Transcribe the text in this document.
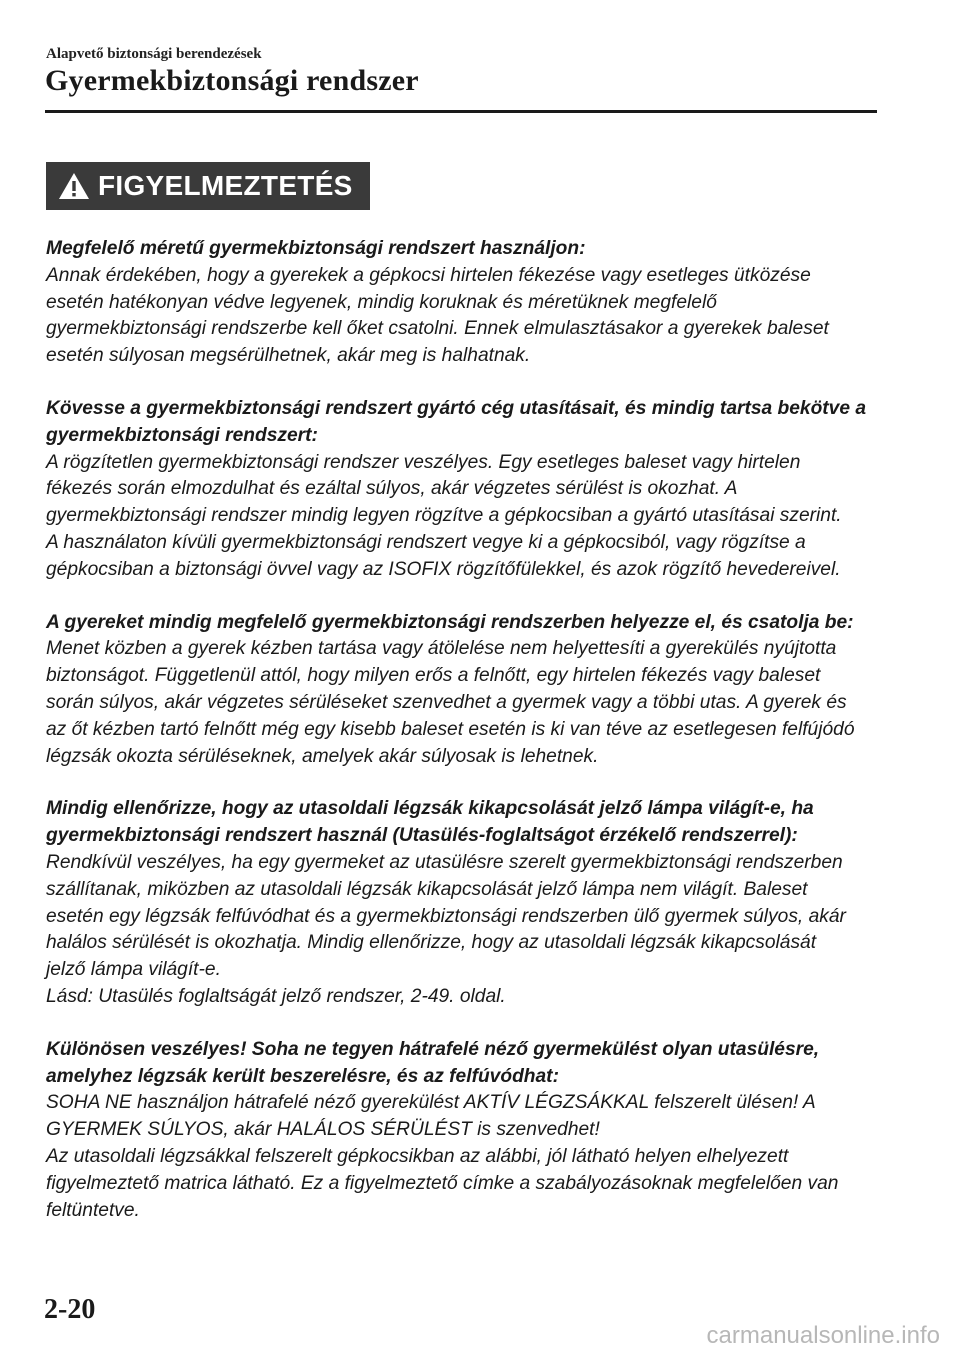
Alapvető biztonsági berendezések
Gyermekbiztonsági rendszer
FIGYELMEZTETÉS
Megfelelő méretű gyermekbiztonsági rendszert használjon:
Annak érdekében, hogy a gyerekek a gépkocsi hirtelen fékezése vagy esetleges ütközése
esetén hatékonyan védve legyenek, mindig koruknak és méretüknek megfelelő
gyermekbiztonsági rendszerbe kell őket csatolni. Ennek elmulasztásakor a gyerekek baleset
esetén súlyosan megsérülhetnek, akár meg is halhatnak.
Kövesse a gyermekbiztonsági rendszert gyártó cég utasításait, és mindig tartsa bekötve a gyermekbiztonsági rendszert:
A rögzítetlen gyermekbiztonsági rendszer veszélyes. Egy esetleges baleset vagy hirtelen
fékezés során elmozdulhat és ezáltal súlyos, akár végzetes sérülést is okozhat. A
gyermekbiztonsági rendszer mindig legyen rögzítve a gépkocsiban a gyártó utasításai szerint.
A használaton kívüli gyermekbiztonsági rendszert vegye ki a gépkocsiból, vagy rögzítse a
gépkocsiban a biztonsági övvel vagy az ISOFIX rögzítőfülekkel, és azok rögzítő hevedereivel.
A gyereket mindig megfelelő gyermekbiztonsági rendszerben helyezze el, és csatolja be:
Menet közben a gyerek kézben tartása vagy átölelése nem helyettesíti a gyerekülés nyújtotta
biztonságot. Függetlenül attól, hogy milyen erős a felnőtt, egy hirtelen fékezés vagy baleset
során súlyos, akár végzetes sérüléseket szenvedhet a gyermek vagy a többi utas. A gyerek és
az őt kézben tartó felnőtt még egy kisebb baleset esetén is ki van téve az esetlegesen felfújódó
légzsák okozta sérüléseknek, amelyek akár súlyosak is lehetnek.
Mindig ellenőrizze, hogy az utasoldali légzsák kikapcsolását jelző lámpa világít-e, ha gyermekbiztonsági rendszert használ (Utasülés-foglaltságot érzékelő rendszerrel):
Rendkívül veszélyes, ha egy gyermeket az utasülésre szerelt gyermekbiztonsági rendszerben
szállítanak, miközben az utasoldali légzsák kikapcsolását jelző lámpa nem világít. Baleset
esetén egy légzsák felfúvódhat és a gyermekbiztonsági rendszerben ülő gyermek súlyos, akár
halálos sérülését is okozhatja. Mindig ellenőrizze, hogy az utasoldali légzsák kikapcsolását
jelző lámpa világít-e.
Lásd: Utasülés foglaltságát jelző rendszer, 2-49. oldal.
Különösen veszélyes! Soha ne tegyen hátrafelé néző gyermekülést olyan utasülésre, amelyhez légzsák került beszerelésre, és az felfúvódhat:
SOHA NE használjon hátrafelé néző gyerekülést AKTÍV LÉGZSÁKKAL felszerelt ülésen! A
GYERMEK SÚLYOS, akár HALÁLOS SÉRÜLÉST is szenvedhet!
Az utasoldali légzsákkal felszerelt gépkocsikban az alábbi, jól látható helyen elhelyezett
figyelmeztető matrica látható. Ez a figyelmeztető címke a szabályozásoknak megfelelően van
feltüntetve.
2-20
carmanualsonline.info
